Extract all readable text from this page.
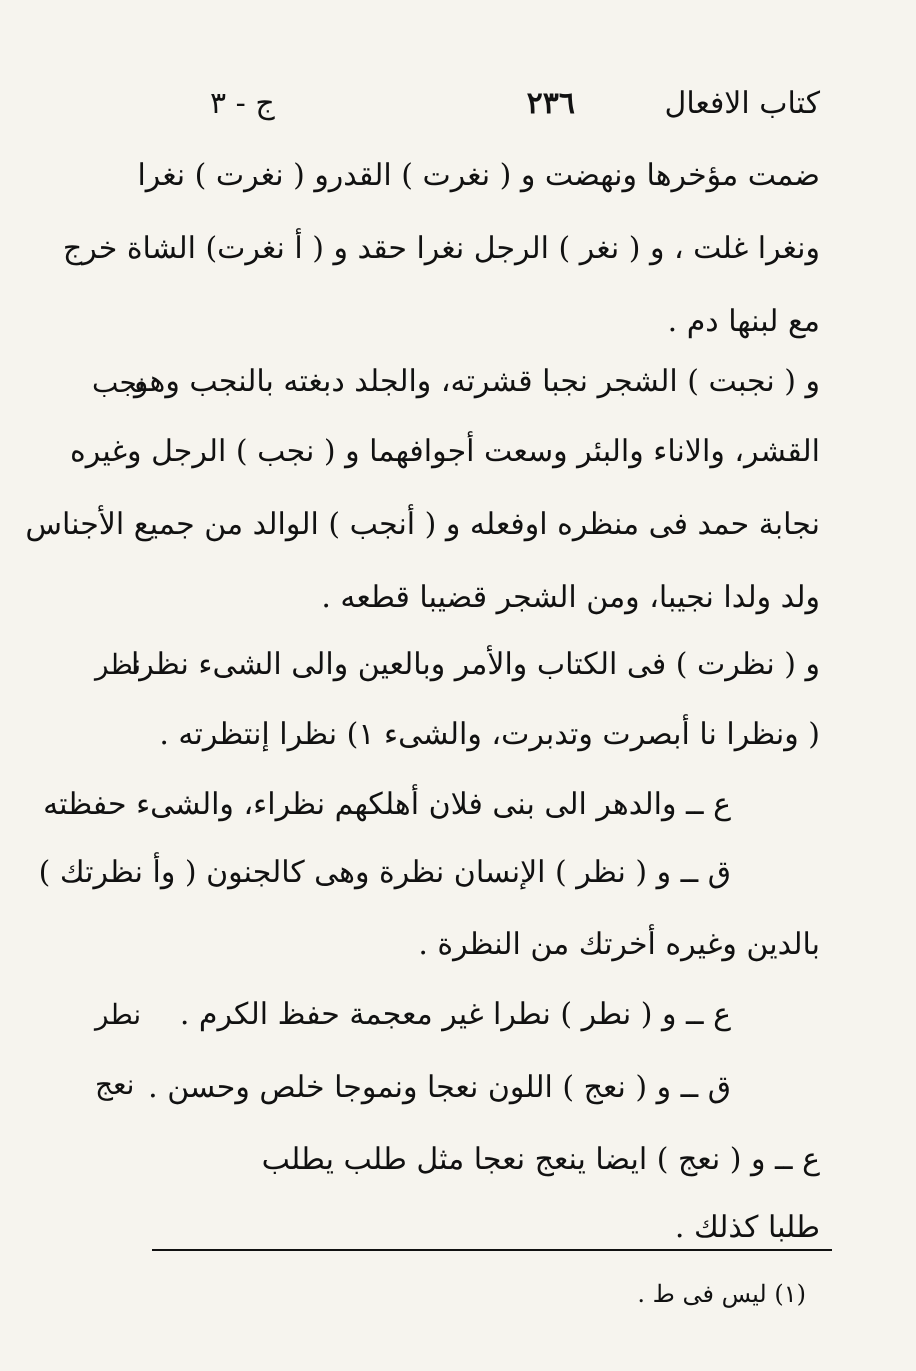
كتاب الافعال
٢٣٦
ج - ٣
ضمت مؤخرها ونهضت و ( نغرت ) القدرو ( نغرت ) نغرا
ونغرا غلت ، و ( نغر ) الرجل نغرا حقد و ( أ نغرت) الشاة خرج
مع لبنها دم .
و ( نجبت ) الشجر نجبا قشرته، والجلد دبغته بالنجب وهو
القشر، والاناء والبئر وسعت أجوافهما و ( نجب ) الرجل وغيره
نجابة حمد فى منظره اوفعله و ( أنجب ) الوالد من جميع الأجناس
ولد ولدا نجيبا، ومن الشجر قضيبا قطعه .
و ( نظرت ) فى الكتاب والأمر وبالعين والى الشىء نظرا
( ونظرا نا أبصرت وتدبرت، والشىء ١) نظرا إنتظرته .
ع ــ والدهر الى بنى فلان أهلكهم نظراء، والشىء حفظته
ق ــ و ( نظر ) الإنسان نظرة وهى كالجنون ( وأ نظرتك )
بالدين وغيره أخرتك من النظرة .
ع ــ و ( نطر ) نطرا غير معجمة حفظ الكرم .
ق ــ و ( نعج ) اللون نعجا ونموجا خلص وحسن .
ع ــ و ( نعج ) ايضا ينعج نعجا مثل طلب يطلب
طلبا كذلك .
نجب
نظر
نطر
نعج
(١) ليس فى ط .
